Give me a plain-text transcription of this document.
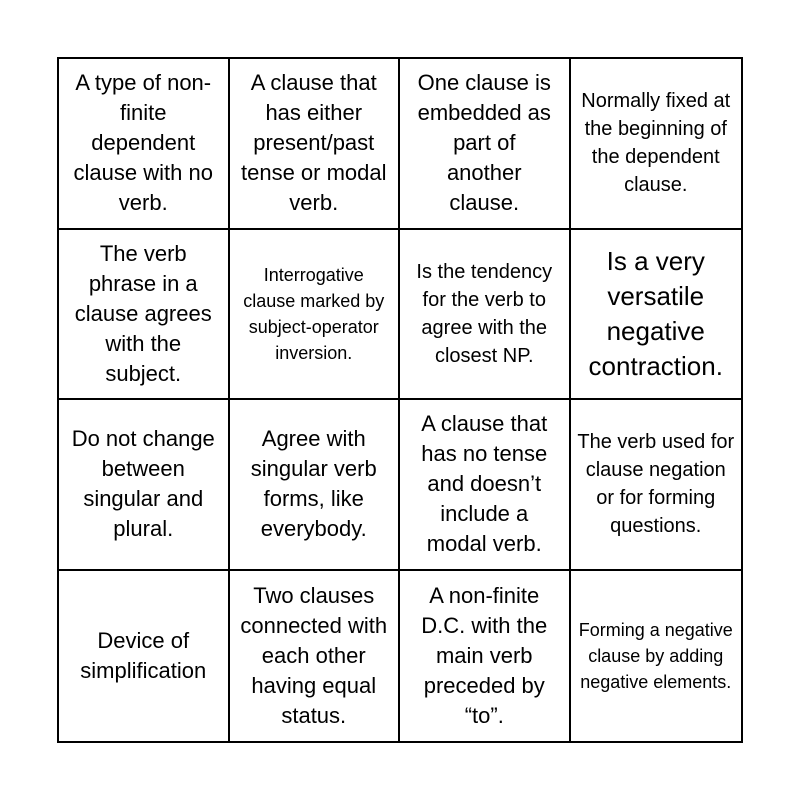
A type of non-finite dependent clause with no verb.
A clause that has either present/past tense or modal verb.
One clause is embedded as part of another clause.
Normally fixed at the beginning of the dependent clause.
The verb phrase in a clause agrees with the subject.
Interrogative clause marked by subject-operator inversion.
Is the tendency for the verb to agree with the closest NP.
Is a very versatile negative contraction.
Do not change between singular and plural.
Agree with singular verb forms, like everybody.
A clause that has no tense and doesn’t include a modal verb.
The verb used for clause negation or for forming questions.
Device of simplification
Two clauses connected with each other having equal status.
A non-finite D.C. with the main verb preceded by “to”.
Forming a negative clause by adding negative elements.
